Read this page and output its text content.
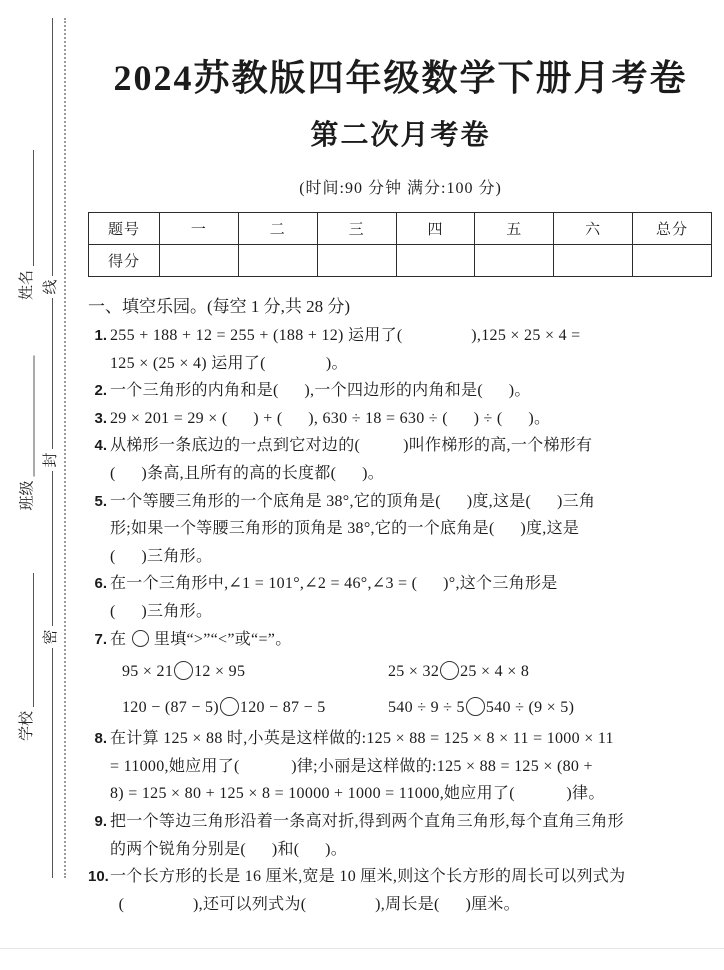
线
封
密
姓名
班级
学校
2024苏教版四年级数学下册月考卷
第二次月考卷
(时间:90 分钟 满分:100 分)
题号	一	二	三	四	五	六	总分
得分							
一、填空乐园。(每空 1 分,共 28 分)
1. 255 + 188 + 12 = 255 + (188 + 12) 运用了(                ),125 × 25 × 4 =
125 × (25 × 4) 运用了(              )。
2. 一个三角形的内角和是(      ),一个四边形的内角和是(      )。
3. 29 × 201 = 29 × (      ) + (      ), 630 ÷ 18 = 630 ÷ (      ) ÷ (      )。
4. 从梯形一条底边的一点到它对边的(          )叫作梯形的高,一个梯形有
(      )条高,且所有的高的长度都(      )。
5. 一个等腰三角形的一个底角是 38°,它的顶角是(      )度,这是(      )三角
形;如果一个等腰三角形的顶角是 38°,它的一个底角是(      )度,这是
(      )三角形。
6. 在一个三角形中,∠1 = 101°,∠2 = 46°,∠3 = (      )°,这个三角形是
(      )三角形。
7. 在  里填“>”“<”或“=”。
95 × 21 12 × 95	25 × 32 25 × 4 × 8
120 − (87 − 5) 120 − 87 − 5	540 ÷ 9 ÷ 5 540 ÷ (9 × 5)
8. 在计算 125 × 88 时,小英是这样做的:125 × 88 = 125 × 8 × 11 = 1000 × 11
= 11000,她应用了(            )律;小丽是这样做的:125 × 88 = 125 × (80 +
8) = 125 × 80 + 125 × 8 = 10000 + 1000 = 11000,她应用了(            )律。
9. 把一个等边三角形沿着一条高对折,得到两个直角三角形,每个直角三角形
的两个锐角分别是(      )和(      )。
10. 一个长方形的长是 16 厘米,宽是 10 厘米,则这个长方形的周长可以列式为
(                ),还可以列式为(                ),周长是(      )厘米。
